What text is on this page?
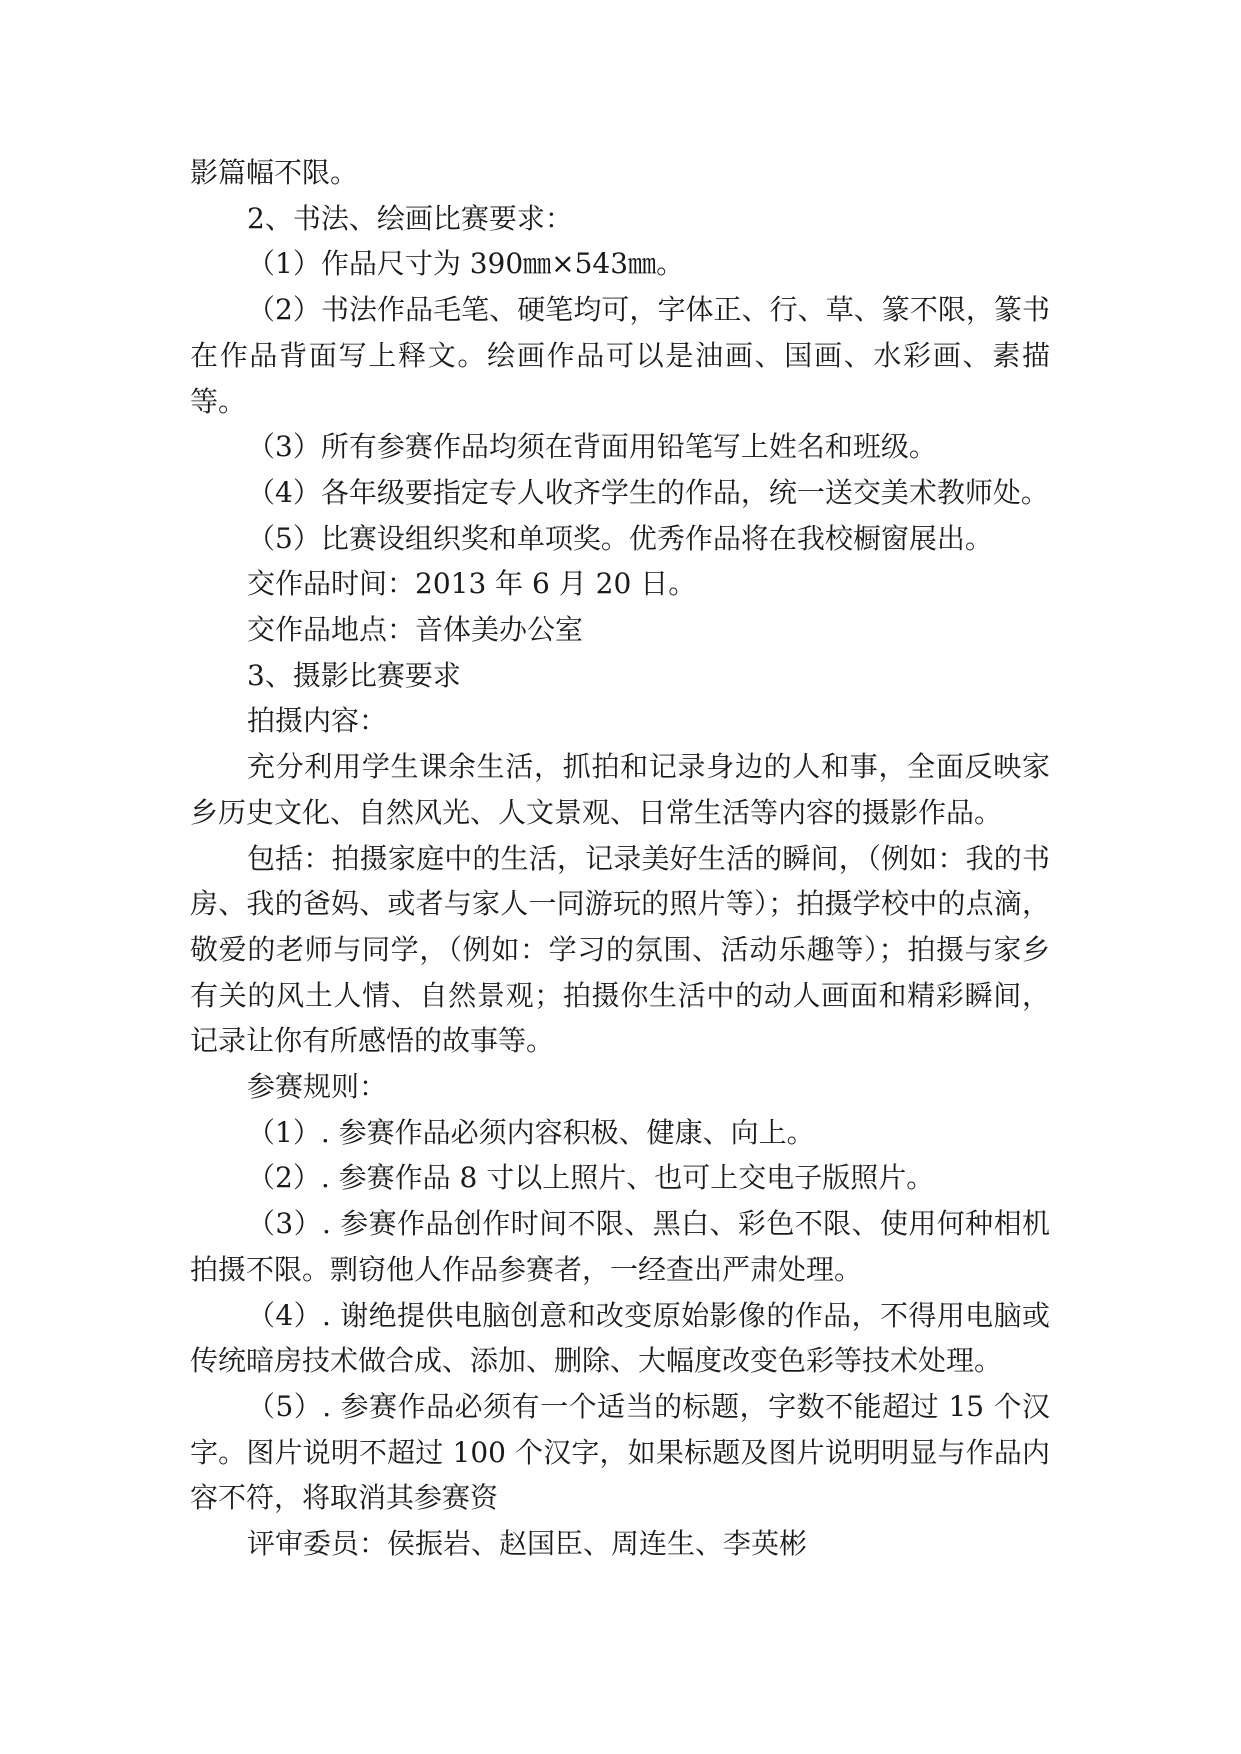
影篇幅不限。

2、书法、绘画比赛要求：

（1）作品尺寸为 390㎜×543㎜。

（2）书法作品毛笔、硬笔均可，字体正、行、草、篆不限，篆书在作品背面写上释文。绘画作品可以是油画、国画、水彩画、素描等。

（3）所有参赛作品均须在背面用铅笔写上姓名和班级。

（4）各年级要指定专人收齐学生的作品，统一送交美术教师处。

（5）比赛设组织奖和单项奖。优秀作品将在我校橱窗展出。

交作品时间：2013 年 6 月 20 日。

交作品地点：音体美办公室

3、摄影比赛要求

拍摄内容：

充分利用学生课余生活，抓拍和记录身边的人和事，全面反映家乡历史文化、自然风光、人文景观、日常生活等内容的摄影作品。

包括：拍摄家庭中的生活，记录美好生活的瞬间，（例如：我的书房、我的爸妈、或者与家人一同游玩的照片等）；拍摄学校中的点滴，敬爱的老师与同学，（例如：学习的氛围、活动乐趣等）；拍摄与家乡有关的风土人情、自然景观；拍摄你生活中的动人画面和精彩瞬间，记录让你有所感悟的故事等。

参赛规则：

（1）. 参赛作品必须内容积极、健康、向上。

（2）. 参赛作品 8 寸以上照片、也可上交电子版照片。

（3）. 参赛作品创作时间不限、黑白、彩色不限、使用何种相机拍摄不限。剽窃他人作品参赛者，一经查出严肃处理。

（4）. 谢绝提供电脑创意和改变原始影像的作品，不得用电脑或传统暗房技术做合成、添加、删除、大幅度改变色彩等技术处理。

（5）. 参赛作品必须有一个适当的标题，字数不能超过 15 个汉字。图片说明不超过 100 个汉字，如果标题及图片说明明显与作品内容不符，将取消其参赛资

评审委员：侯振岩、赵国臣、周连生、李英彬
